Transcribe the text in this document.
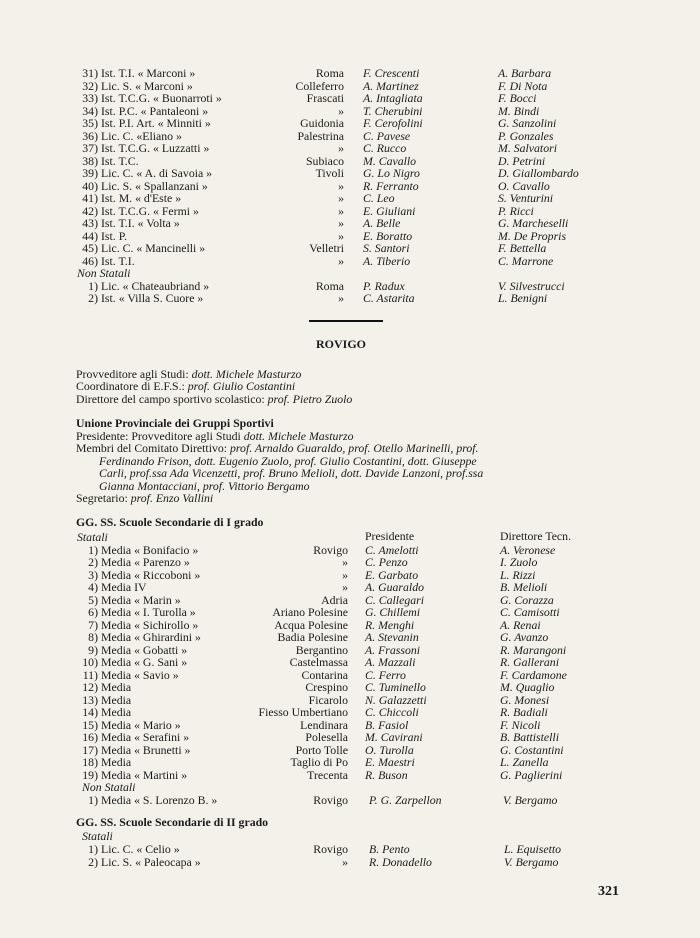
31) Ist. T.I. « Marconi »	Roma F. Crescenti	A. Barbara
32) Lic. S. « Marconi »	Colleferro A. Martinez	F. Di Nota
33) Ist. T.C.G. « Buonarroti »	Frascati A. Intagliata	F. Bocci
34) Ist. P.C. « Pantaleoni »	» T. Cherubini	M. Bindi
35) Ist. P.I. Art. « Minniti »	Guidonia F. Cerofolini	G. Sanzolini
36) Lic. C. «Eliano »	Palestrina C. Pavese	P. Gonzales
37) Ist. T.C.G. « Luzzatti »	» C. Rucco	M. Salvatori
38) Ist. T.C.	Subiaco M. Cavallo	D. Petrini
39) Lic. C. « A. di Savoia »	Tivoli G. Lo Nigro	D. Giallombardo
40) Lic. S. « Spallanzani »	» R. Ferranto	O. Cavallo
41) Ist. M. « d'Este »	» C. Leo	S. Venturini
42) Ist. T.C.G. « Fermi »	» E. Giuliani	P. Ricci
43) Ist. T.I. « Volta »	» A. Belle	G. Marcheselli
44) Ist. P.	» E. Boratto	M. De Propris
45) Lic. C. « Mancinelli »	Velletri S. Santori	F. Bettella
46) Ist. T.I.	» A. Tiberio	C. Marrone
Non Statali
1) Lic. « Chateaubriand »	Roma P. Radux	V. Silvestrucci
2) Ist. « Villa S. Cuore »	» C. Astarita	L. Benigni
ROVIGO
Provveditore agli Studi: dott. Michele Masturzo
Coordinatore di E.F.S.: prof. Giulio Costantini
Direttore del campo sportivo scolastico: prof. Pietro Zuolo
Unione Provinciale dei Gruppi Sportivi
Presidente: Provveditore agli Studi dott. Michele Masturzo
Membri del Comitato Direttivo: prof. Arnaldo Guaraldo, prof. Otello Marinelli, prof.
Ferdinando Frison, dott. Eugenio Zuolo, prof. Giulio Costantini, dott. Giuseppe
Carli, prof.ssa Ada Vicenzetti, prof. Bruno Melioli, dott. Davide Lanzoni, prof.ssa
Gianna Montacciani, prof. Vittorio Bergamo
Segretario: prof. Enzo Vallini
GG. SS. Scuole Secondarie di I grado
Presidente	Direttore Tecn.
Statali
1) Media « Bonifacio »	Rovigo C. Amelotti	A. Veronese
2) Media « Parenzo »	» C. Penzo	I. Zuolo
3) Media « Riccoboni »	» E. Garbato	L. Rizzi
4) Media IV	» A. Guaraldo	B. Melioli
5) Media « Marin »	Adria C. Callegari	G. Corazza
6) Media « I. Turolla »	Ariano Polesine G. Chillemi	C. Camisotti
7) Media « Sichirollo »	Acqua Polesine R. Menghi	A. Renai
8) Media « Ghirardini »	Badia Polesine A. Stevanin	G. Avanzo
9) Media « Gobatti »	Bergantino A. Frassoni	R. Marangoni
10) Media « G. Sani »	Castelmassa A. Mazzali	R. Gallerani
11) Media « Savio »	Contarina C. Ferro	F. Cardamone
12) Media	Crespino C. Tuminello	M. Quaglio
13) Media	Ficarolo N. Galazzetti	G. Monesi
14) Media	Fiesso Umbertiano C. Chiccoli	R. Badiali
15) Media « Mario »	Lendinara B. Fasiol	F. Nicoli
16) Media « Serafini »	Polesella M. Cavirani	B. Battistelli
17) Media « Brunetti »	Porto Tolle O. Turolla	G. Costantini
18) Media	Taglio di Po E. Maestri	L. Zanella
19) Media « Martini »	Trecenta R. Buson	G. Paglierini
Non Statali
1) Media « S. Lorenzo B. »	Rovigo P. G. Zarpellon	V. Bergamo
GG. SS. Scuole Secondarie di II grado
Statali
1) Lic. C. « Celio »	Rovigo B. Pento	L. Equisetto
2) Lic. S. « Paleocapa »	» R. Donadello	V. Bergamo
321
